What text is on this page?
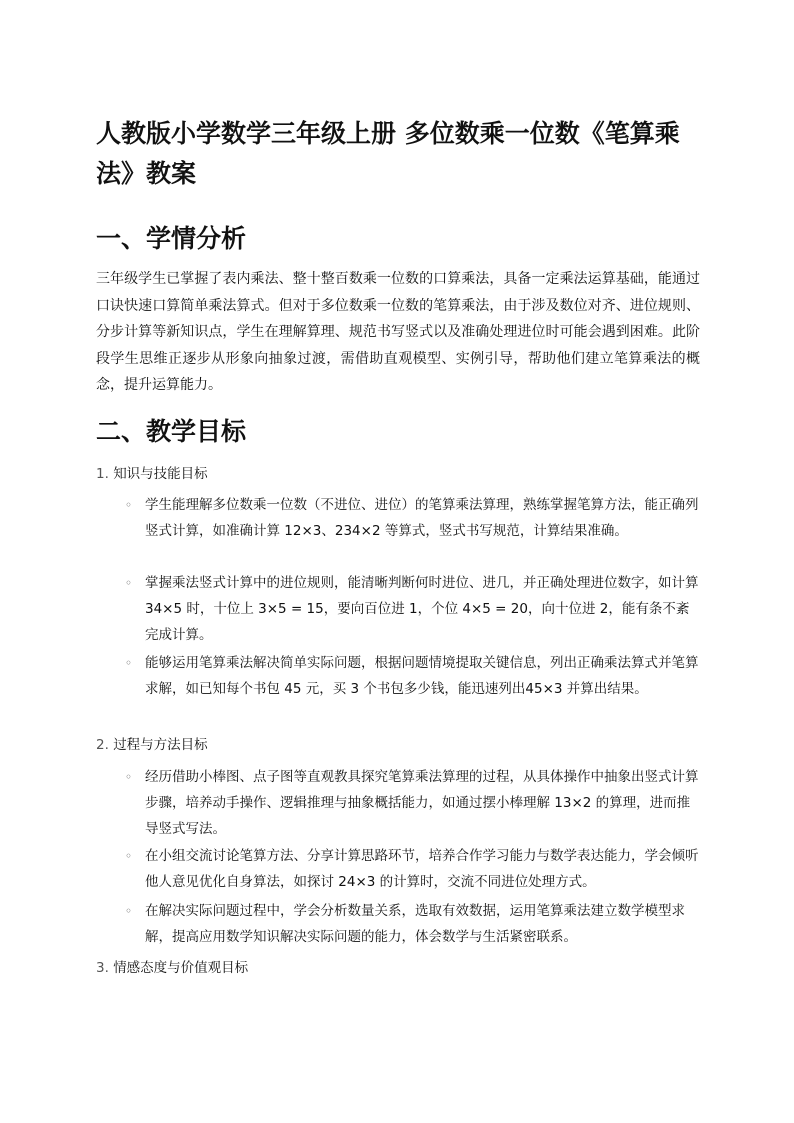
人教版小学数学三年级上册 多位数乘一位数《笔算乘法》教案
一、学情分析

三年级学生已掌握了表内乘法、整十整百数乘一位数的口算乘法，具备一定乘法运算基础，能通过口诀快速口算简单乘法算式。但对于多位数乘一位数的笔算乘法，由于涉及数位对齐、进位规则、分步计算等新知识点，学生在理解算理、规范书写竖式以及准确处理进位时可能会遇到困难。此阶段学生思维正逐步从形象向抽象过渡，需借助直观模型、实例引导，帮助他们建立笔算乘法的概念，提升运算能力。

二、教学目标
1. 知识与技能目标
◦ 学生能理解多位数乘一位数（不进位、进位）的笔算乘法算理，熟练掌握笔算方法，能正确列竖式计算，如准确计算 12×3、234×2 等算式，竖式书写规范，计算结果准确。

◦ 掌握乘法竖式计算中的进位规则，能清晰判断何时进位、进几，并正确处理进位数字，如计算 34×5 时，十位上 3×5 = 15，要向百位进 1，个位 4×5 = 20，向十位进 2，能有条不紊完成计算。

◦ 能够运用笔算乘法解决简单实际问题，根据问题情境提取关键信息，列出正确乘法算式并笔算求解，如已知每个书包 45 元，买 3 个书包多少钱，能迅速列出45×3 并算出结果。

2. 过程与方法目标
◦ 经历借助小棒图、点子图等直观教具探究笔算乘法算理的过程，从具体操作中抽象出竖式计算步骤，培养动手操作、逻辑推理与抽象概括能力，如通过摆小棒理解 13×2 的算理，进而推导竖式写法。

◦ 在小组交流讨论笔算方法、分享计算思路环节，培养合作学习能力与数学表达能力，学会倾听他人意见优化自身算法，如探讨 24×3 的计算时，交流不同进位处理方式。

◦ 在解决实际问题过程中，学会分析数量关系，选取有效数据，运用笔算乘法建立数学模型求解，提高应用数学知识解决实际问题的能力，体会数学与生活紧密联系。

3. 情感态度与价值观目标
